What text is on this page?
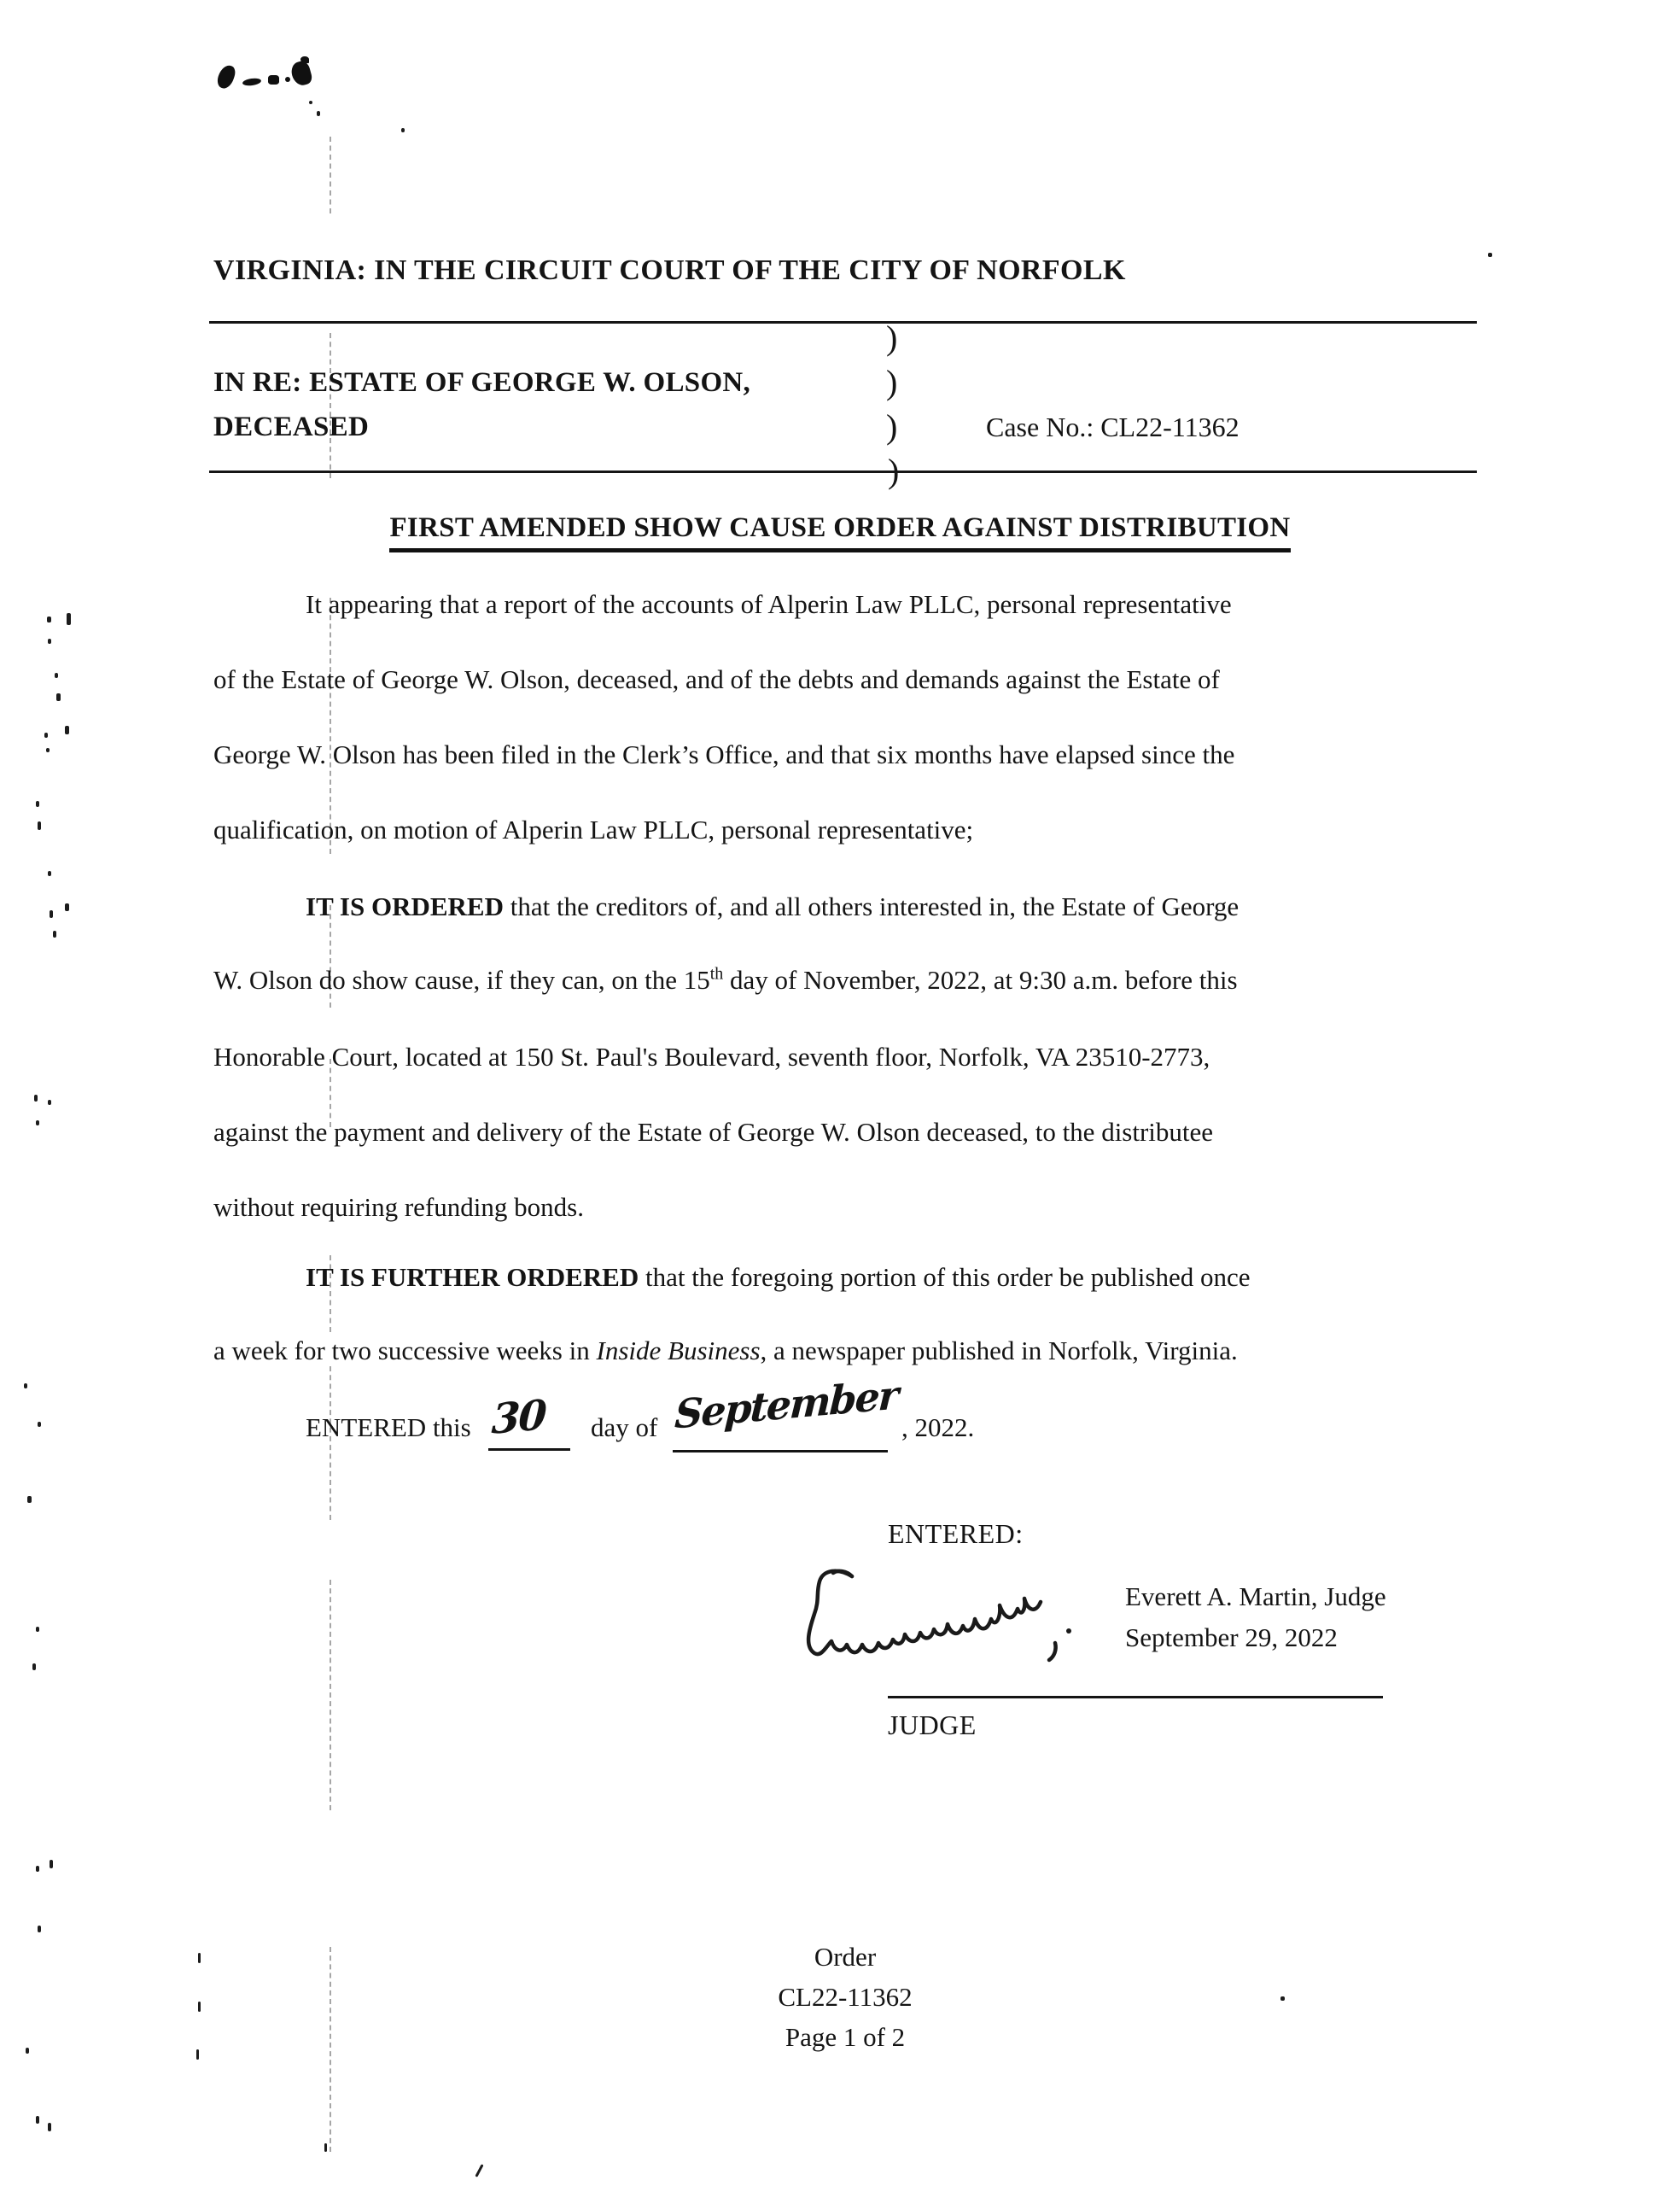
VIRGINIA: IN THE CIRCUIT COURT OF THE CITY OF NORFOLK
)
)
)
IN RE: ESTATE OF GEORGE W. OLSON,
DECEASED	Case No.: CL22-11362
FIRST AMENDED SHOW CAUSE ORDER AGAINST DISTRIBUTION
It appearing that a report of the accounts of Alperin Law PLLC, personal representative
of the Estate of George W. Olson, deceased, and of the debts and demands against the Estate of
George W. Olson has been filed in the Clerk’s Office, and that six months have elapsed since the
qualification, on motion of Alperin Law PLLC, personal representative;
IT IS ORDERED that the creditors of, and all others interested in, the Estate of George
W. Olson do show cause, if they can, on the 15th day of November, 2022, at 9:30 a.m. before this
Honorable Court, located at 150 St. Paul's Boulevard, seventh floor, Norfolk, VA 23510-2773,
against the payment and delivery of the Estate of George W. Olson deceased, to the distributee
without requiring refunding bonds.
IT IS FURTHER ORDERED that the foregoing portion of this order be published once
a week for two successive weeks in Inside Business, a newspaper published in Norfolk, Virginia.
ENTERED this 30	day of September , 2022.
ENTERED:
Everett A. Martin, Judge
September 29, 2022
JUDGE
Order
CL22-11362
Page 1 of 2
